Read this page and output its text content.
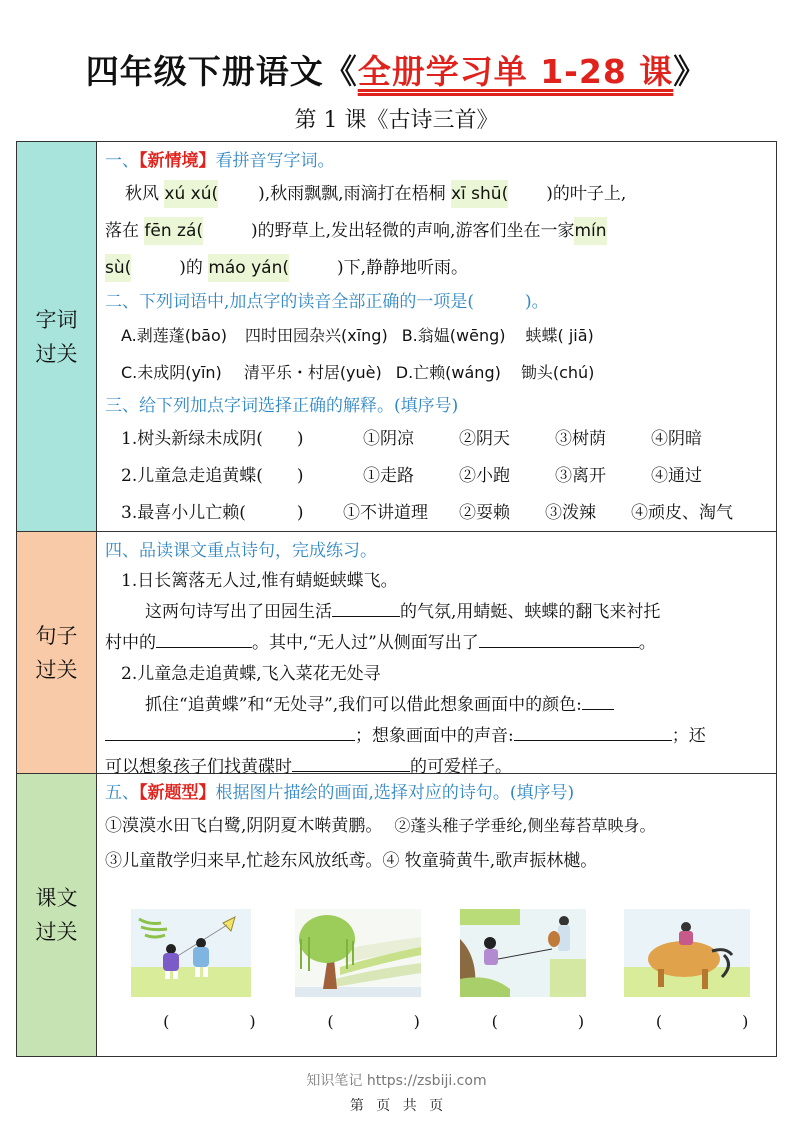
四年级下册语文《全册学习单 1-28 课》
第 1 课《古诗三首》
字词
过关
一、【新情境】看拼音写字词。
秋风 xú xú( ),秋雨飘飘,雨滴打在梧桐 xī shū( )的叶子上,
落在 fēn zá(	)的野草上,发出轻微的声响,游客们坐在一家mín
sù(	)的 máo yán(	)下,静静地听雨。
二、下列词语中,加点字的读音全部正确的一项是(　　　)。
A.剥莲蓬(bāo) 四时田园杂兴(xīng) B.翁媪(wēng) 蛱蝶( jiā)
C.未成阴(yīn) 清平乐・村居(yuè) D.亡赖(wáng) 锄头(chú)
三、给下列加点字词选择正确的解释。(填序号)
1.树头新绿未成阴(　　)	①阴凉	②阴天	③树荫	④阴暗
2.儿童急走追黄蝶(　　)	①走路	②小跑	③离开	④通过
3.最喜小儿亡赖(　　　) ①不讲道理 ②耍赖 ③泼辣 ④顽皮、淘气
句子
过关
四、品读课文重点诗句，完成练习。
1.日长篱落无人过,惟有蜻蜓蛱蝶飞。
这两句诗写出了田园生活	的气氛,用蜻蜓、蛱蝶的翻飞来衬托
村中的	。其中,“无人过”从侧面写出了	。
2.儿童急走追黄蝶,飞入菜花无处寻
抓住“追黄蝶”和“无处寻”,我们可以借此想象画面中的颜色:
；想象画面中的声音:	；还
可以想象孩子们找黄碟时	的可爱样子。
课文
过关
五、【新题型】根据图片描绘的画面,选择对应的诗句。(填序号)
①漠漠水田飞白鹭,阴阴夏木啭黄鹏。 ②蓬头稚子学垂纶,侧坐莓苔草映身。
③儿童散学归来早,忙趁东风放纸鸢。④ 牧童骑黄牛,歌声振林樾。
(　)	(　)	(　)	(　)
知识笔记 https://zsbiji.com
第 页 共 页
